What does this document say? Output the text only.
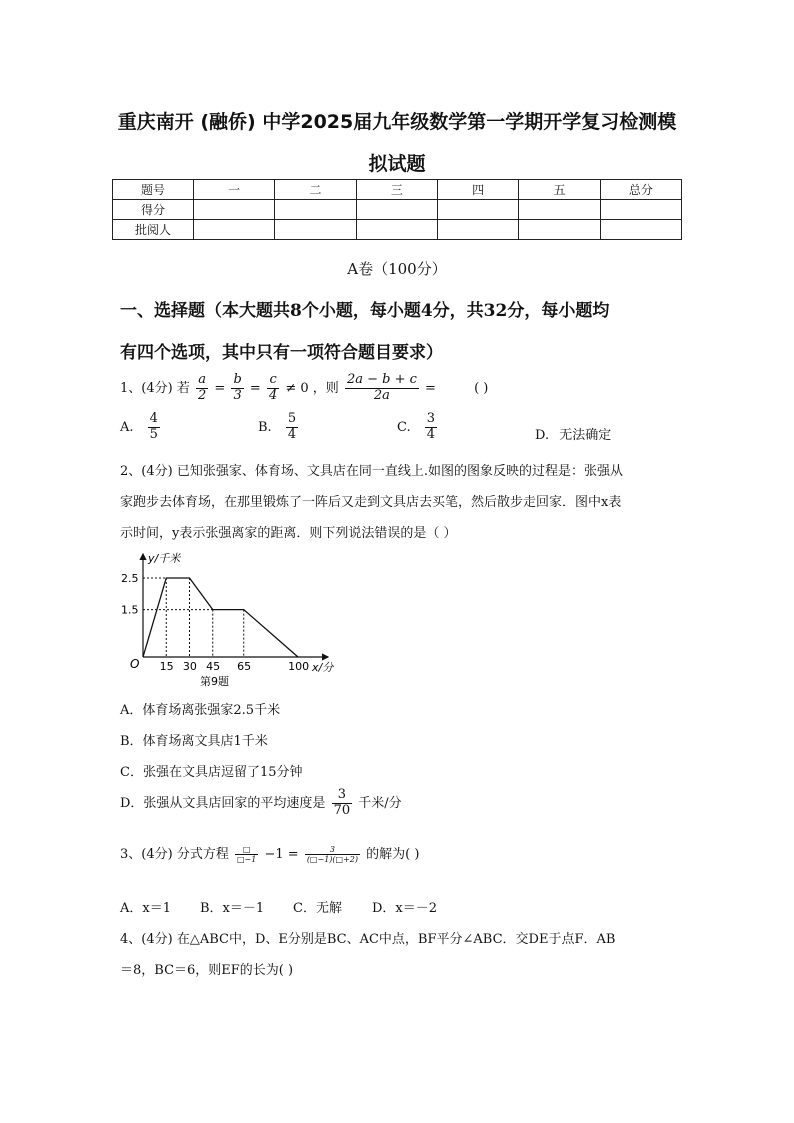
重庆南开 (融侨) 中学2025届九年级数学第一学期开学复习检测模
拟试题
题号	一	二	三	四	五	总分
得分						
批阅人						
A卷（100分）
一、选择题（本大题共8个小题，每小题4分，共32分，每小题均
有四个选项，其中只有一项符合题目要求）
1、(4分) 若 $\frac{a}{2} = \frac{b}{3} = \frac{c}{4} \ne 0$ ，则 $\frac{2a - b + c}{2a}$ =	( )
A. $\frac{4}{5}$	B. $\frac{5}{4}$	C. $\frac{3}{4}$	D. 无法确定
2、(4分) 已知张强家、体育场、文具店在同一直线上.如图的图象反映的过程是：张强从
家跑步去体育场，在那里锻炼了一阵后又走到文具店去买笔，然后散步走回家．图中x表
示时间，y表示张强离家的距离．则下列说法错误的是（ ）
15 30 45 65	100
2.5
1.5
O
y/千米
x/分
第9题
A．体育场离张强家2.5千米
B．体育场离文具店1千米
C．张强在文具店逗留了15分钟
D．张强从文具店回家的平均速度是 $\frac{3}{70}$ 千米/分
3、(4分) 分式方程 $\frac{□}{□-1} -1 = \frac{3}{(□-1)(□+2)}$ 的解为( )
A．x＝1 B．x＝－1 C．无解 D．x＝－2
4、(4分) 在△ABC中，D、E分别是BC、AC中点，BF平分∠ABC．交DE于点F．AB
＝8，BC＝6，则EF的长为( )
